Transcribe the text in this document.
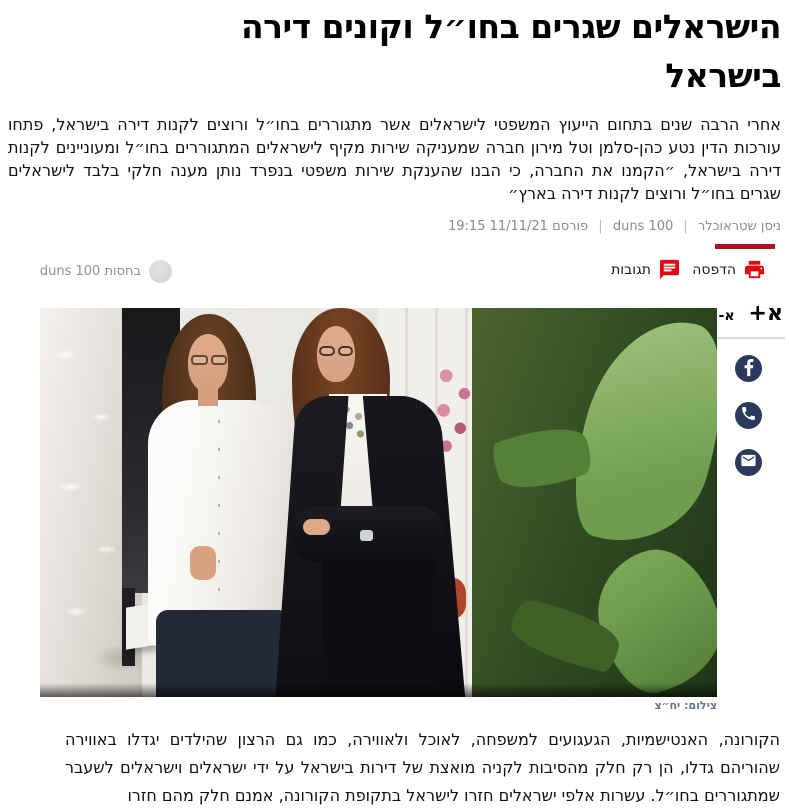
הישראלים שגרים בחו״ל וקונים דירה
בישראל

אחרי הרבה שנים בתחום הייעוץ המשפטי לישראלים אשר מתגוררים בחו״ל ורוצים לקנות דירה בישראל, פתחו עורכות הדין נטע כהן-סלמן וטל מירון חברה שמעניקה שירות מקיף לישראלים המתגוררים בחו״ל ומעוניינים לקנות דירה בישראל, ״הקמנו את החברה, כי הבנו שהענקת שירות משפטי בנפרד נותן מענה חלקי בלבד לישראלים שגרים בחו״ל ורוצים לקנות דירה בארץ״

ניסן שטראוכלר | duns 100 | פורסם 11/11/21 19:15
הדפסה
תגובות
בחסות duns 100
א+
א-
צילום: יח״צ

הקורונה, האנטישמיות, הגעגועים למשפחה, לאוכל ולאווירה, כמו גם הרצון שהילדים יגדלו באווירה שהוריהם גדלו, הן רק חלק מהסיבות לקניה מואצת של דירות בישראל על ידי ישראלים וישראלים לשעבר שמתגוררים בחו״ל. עשרות אלפי ישראלים חזרו לישראל בתקופת הקורונה, אמנם חלק מהם חזרו
